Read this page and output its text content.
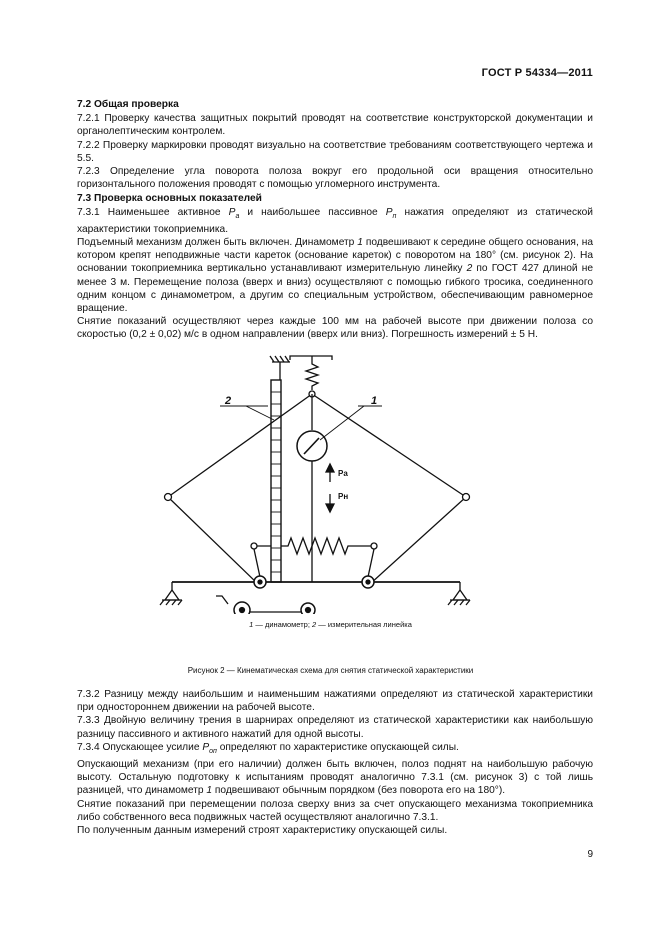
ГОСТ Р 54334—2011

7.2 Общая проверка

7.2.1 Проверку качества защитных покрытий проводят на соответствие конструкторской документации и органолептическим контролем.

7.2.2 Проверку маркировки проводят визуально на соответствие требованиям соответствующего чертежа и 5.5.

7.2.3 Определение угла поворота полоза вокруг его продольной оси вращения относительно горизонтального положения проводят с помощью угломерного инструмента.

7.3 Проверка основных показателей

7.3.1 Наименьшее активное $P_а$ и наибольшее пассивное $P_п$ нажатия определяют из статической характеристики токоприемника.

Подъемный механизм должен быть включен. Динамометр 1 подвешивают к середине общего основания, на котором крепят неподвижные части кареток (основание кареток) с поворотом на 180° (см. рисунок 2). На основании токоприемника вертикально устанавливают измерительную линейку 2 по ГОСТ 427 длиной не менее 3 м. Перемещение полоза (вверх и вниз) осуществляют с помощью гибкого тросика, соединенного одним концом с динамометром, а другим со специальным устройством, обеспечивающим равномерное вращение.

Снятие показаний осуществляют через каждые 100 мм на рабочей высоте при движении полоза со скоростью (0,2 ± 0,02) м/с в одном направлении (вверх или вниз). Погрешность измерений ± 5 Н.

Pа
Pн
2	1
1 — динамометр; 2 — измерительная линейка
Рисунок 2 — Кинематическая схема для снятия статической характеристики

7.3.2 Разницу между наибольшим и наименьшим нажатиями определяют из статической характеристики при одностороннем движении на рабочей высоте.

7.3.3 Двойную величину трения в шарнирах определяют из статической характеристики как наибольшую разницу пассивного и активного нажатий для одной высоты.

7.3.4 Опускающее усилие $P_{оп}$ определяют по характеристике опускающей силы.

Опускающий механизм (при его наличии) должен быть включен, полоз поднят на наибольшую рабочую высоту. Остальную подготовку к испытаниям проводят аналогично 7.3.1 (см. рисунок 3) с той лишь разницей, что динамометр 1 подвешивают обычным порядком (без поворота его на 180°).

Снятие показаний при перемещении полоза сверху вниз за счет опускающего механизма токоприемника либо собственного веса подвижных частей осуществляют аналогично 7.3.1.

По полученным данным измерений строят характеристику опускающей силы.

9
